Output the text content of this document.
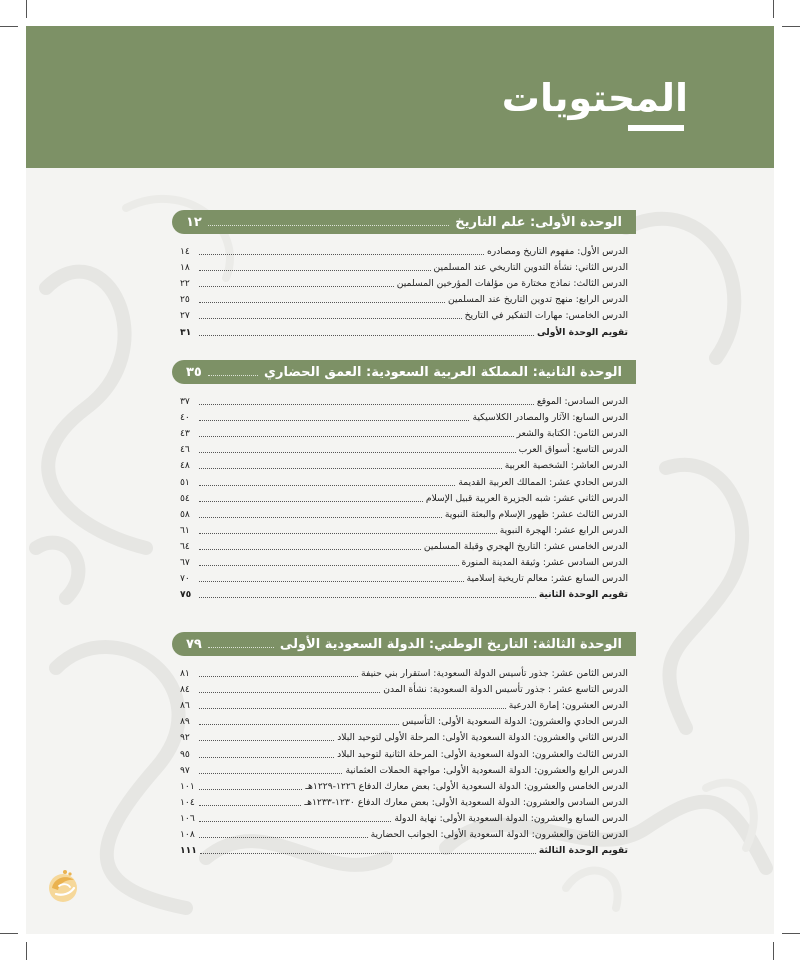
المحتويات
الوحدة الأولى: علم التاريخ
١٢
الدرس الأول: مفهوم التاريخ ومصادره
١٤
الدرس الثاني: نشأة التدوين التاريخي عند المسلمين
١٨
الدرس الثالث: نماذج مختارة من مؤلفات المؤرخين المسلمين
٢٢
الدرس الرابع: منهج تدوين التاريخ عند المسلمين
٢٥
الدرس الخامس: مهارات التفكير في التاريخ
٢٧
تقويم الوحدة الأولى
٣١
الوحدة الثانية: المملكة العربية السعودية: العمق الحضاري
٣٥
الدرس السادس: الموقع
٣٧
الدرس السابع: الآثار والمصادر الكلاسيكية
٤٠
الدرس الثامن: الكتابة والشعر
٤٣
الدرس التاسع: أسواق العرب
٤٦
الدرس العاشر: الشخصية العربية
٤٨
الدرس الحادي عشر: الممالك العربية القديمة
٥١
الدرس الثاني عشر: شبه الجزيرة العربية قبيل الإسلام
٥٤
الدرس الثالث عشر: ظهور الإسلام والبعثة النبوية
٥٨
الدرس الرابع عشر: الهجرة النبوية
٦١
الدرس الخامس عشر: التاريخ الهجري وقبلة المسلمين
٦٤
الدرس السادس عشر: وثيقة المدينة المنورة
٦٧
الدرس السابع عشر: معالم تاريخية إسلامية
٧٠
تقويم الوحدة الثانية
٧٥
الوحدة الثالثة: التاريخ الوطني: الدولة السعودية الأولى
٧٩
الدرس الثامن عشر: جذور تأسيس الدولة السعودية: استقرار بني حنيفة
٨١
الدرس التاسع عشر : جذور تأسيس الدولة السعودية: نشأة المدن
٨٤
الدرس العشرون: إمارة الدرعية
٨٦
الدرس الحادي والعشرون: الدولة السعودية الأولى: التأسيس
٨٩
الدرس الثاني والعشرون: الدولة السعودية الأولى: المرحلة الأولى لتوحيد البلاد
٩٢
الدرس الثالث والعشرون: الدولة السعودية الأولى: المرحلة الثانية لتوحيد البلاد
٩٥
الدرس الرابع والعشرون: الدولة السعودية الأولى: مواجهة الحملات العثمانية
٩٧
الدرس الخامس والعشرون: الدولة السعودية الأولى: بعض معارك الدفاع ١٢٢٦-١٢٢٩هـ
١٠١
الدرس السادس والعشرون: الدولة السعودية الأولى: بعض معارك الدفاع ١٢٣٠-١٢٣٣هـ
١٠٤
الدرس السابع والعشرون: الدولة السعودية الأولى: نهاية الدولة
١٠٦
الدرس الثامن والعشرون: الدولة السعودية الأولى: الجوانب الحضارية
١٠٨
تقويم الوحدة الثالثة
١١١
